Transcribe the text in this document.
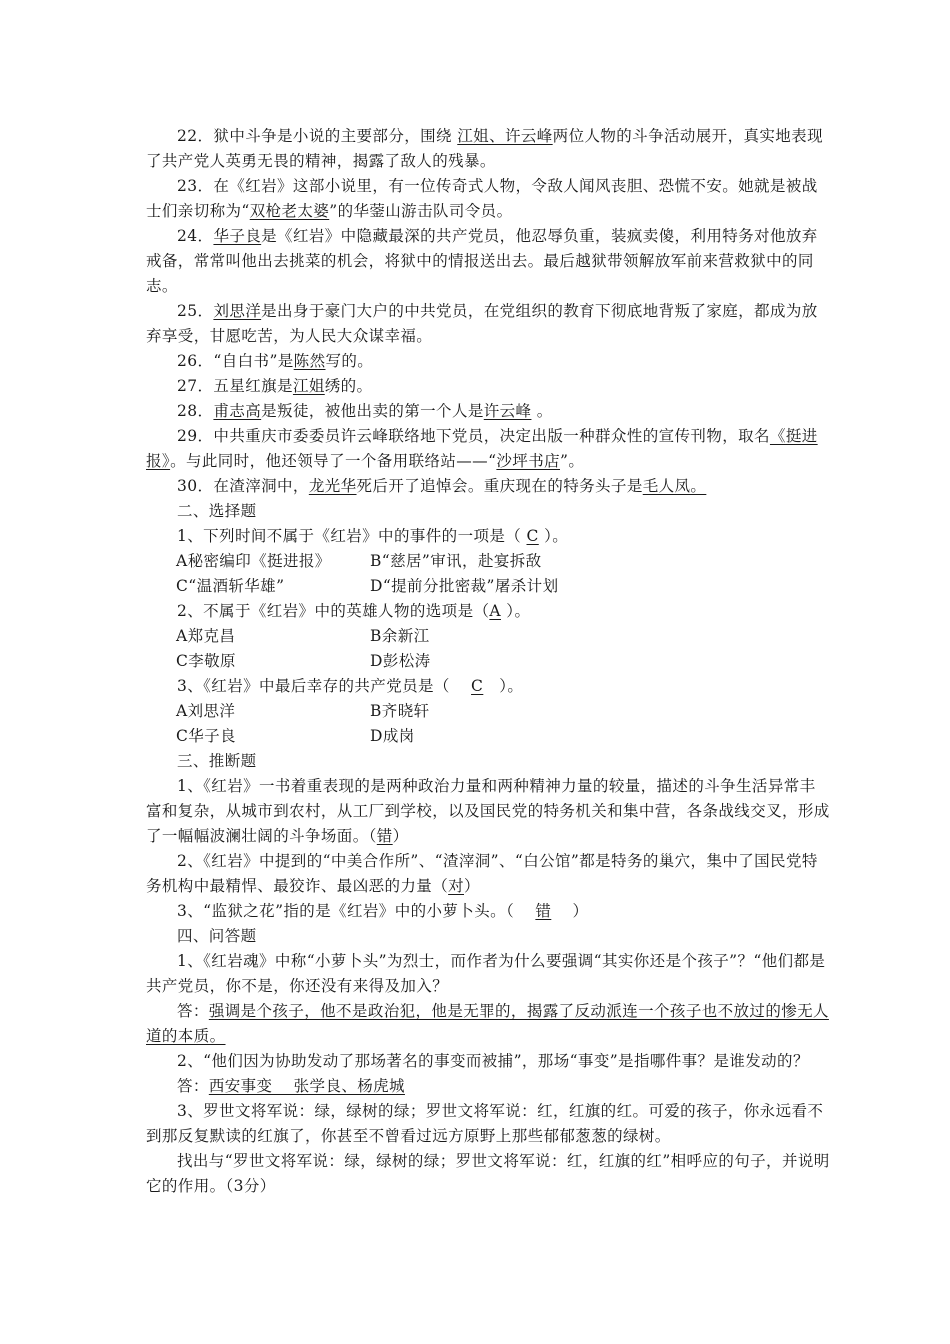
22．狱中斗争是小说的主要部分，围绕 江姐、许云峰两位人物的斗争活动展开，真实地表现了共产党人英勇无畏的精神，揭露了敌人的残暴。

23．在《红岩》这部小说里，有一位传奇式人物，令敌人闻风丧胆、恐慌不安。她就是被战士们亲切称为“双枪老太婆”的华蓥山游击队司令员。

24．华子良是《红岩》中隐藏最深的共产党员，他忍辱负重，装疯卖傻，利用特务对他放弃戒备，常常叫他出去挑菜的机会，将狱中的情报送出去。最后越狱带领解放军前来营救狱中的同志。

25．刘思洋是出身于豪门大户的中共党员，在党组织的教育下彻底地背叛了家庭，都成为放弃享受，甘愿吃苦，为人民大众谋幸福。

26．“自白书”是陈然写的。

27．五星红旗是江姐绣的。

28．甫志高是叛徒，被他出卖的第一个人是许云峰 。

29．中共重庆市委委员许云峰联络地下党员，决定出版一种群众性的宣传刊物，取名《挺进报》。与此同时，他还领导了一个备用联络站——“沙坪书店”。

30．在渣滓洞中，龙光华死后开了追悼会。重庆现在的特务头子是毛人凤。

二、选择题

1、下列时间不属于《红岩》中的事件的一项是（ C ）。

A秘密编印《挺进报》	B“慈居”审讯，赴宴拆敌
C“温酒斩华雄”	D“提前分批密裁”屠杀计划

2、不属于《红岩》中的英雄人物的选项是（A ）。

A郑克昌	B余新江
C李敬原	D彭松涛

3、《红岩》中最后幸存的共产党员是（　 C　）。

A刘思洋	B齐晓轩
C华子良	D成岗

三、推断题

1、《红岩》一书着重表现的是两种政治力量和两种精神力量的较量，描述的斗争生活异常丰富和复杂，从城市到农村，从工厂到学校，以及国民党的特务机关和集中营，各条战线交叉，形成了一幅幅波澜壮阔的斗争场面。（错）

2、《红岩》中提到的“中美合作所”、“渣滓洞”、“白公馆”都是特务的巢穴，集中了国民党特务机构中最精悍、最狡诈、最凶恶的力量（对）

3、“监狱之花”指的是《红岩》中的小萝卜头。（　 错　 ）

四、问答题

1、《红岩魂》中称“小萝卜头”为烈士，而作者为什么要强调“其实你还是个孩子”？“他们都是共产党员，你不是，你还没有来得及加入？

答：强调是个孩子，他不是政治犯，他是无罪的，揭露了反动派连一个孩子也不放过的惨无人道的本质。

2、“他们因为协助发动了那场著名的事变而被捕”，那场“事变”是指哪件事？是谁发动的？

答：西安事变　 张学良、杨虎城

3、罗世文将军说：绿，绿树的绿；罗世文将军说：红，红旗的红。可爱的孩子，你永远看不到那反复默读的红旗了，你甚至不曾看过远方原野上那些郁郁葱葱的绿树。

找出与“罗世文将军说：绿，绿树的绿；罗世文将军说：红，红旗的红”相呼应的句子，并说明它的作用。（3分）
